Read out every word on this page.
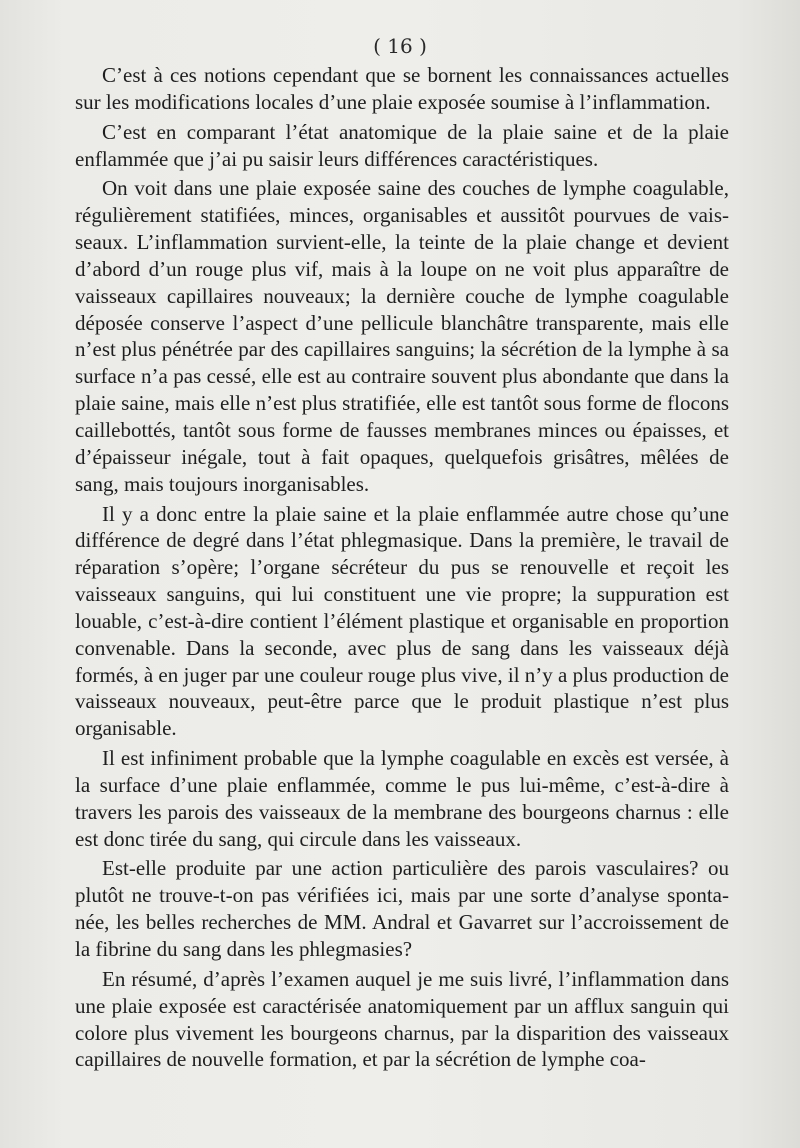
( 16 )

C’est à ces notions cependant que se bornent les connaissances actuelles sur les modifications locales d’une plaie exposée soumise à l’inflammation.

C’est en comparant l’état anatomique de la plaie saine et de la plaie enflammée que j’ai pu saisir leurs différences caractéristiques.

On voit dans une plaie exposée saine des couches de lymphe coagulable, régulièrement statifiées, minces, organisables et aussitôt pourvues de vaisseaux. L’inflammation survient-elle, la teinte de la plaie change et devient d’abord d’un rouge plus vif, mais à la loupe on ne voit plus apparaître de vaisseaux capillaires nouveaux; la dernière couche de lymphe coagulable déposée conserve l’aspect d’une pellicule blanchâtre transparente, mais elle n’est plus pénétrée par des capillaires sanguins; la sécrétion de la lymphe à sa surface n’a pas cessé, elle est au contraire souvent plus abondante que dans la plaie saine, mais elle n’est plus stratifiée, elle est tantôt sous forme de flocons caillebottés, tantôt sous forme de fausses membranes minces ou épaisses, et d’épaisseur inégale, tout à fait opaques, quelquefois grisâtres, mêlées de sang, mais toujours inorganisables.

Il y a donc entre la plaie saine et la plaie enflammée autre chose qu’une différence de degré dans l’état phlegmasique. Dans la première, le travail de réparation s’opère; l’organe sécréteur du pus se renouvelle et reçoit les vaisseaux sanguins, qui lui constituent une vie propre; la suppuration est louable, c’est-à-dire contient l’élément plastique et organisable en proportion convenable. Dans la seconde, avec plus de sang dans les vaisseaux déjà formés, à en juger par une couleur rouge plus vive, il n’y a plus production de vaisseaux nouveaux, peut-être parce que le produit plastique n’est plus organisable.

Il est infiniment probable que la lymphe coagulable en excès est versée, à la surface d’une plaie enflammée, comme le pus lui-même, c’est-à-dire à travers les parois des vaisseaux de la membrane des bourgeons charnus : elle est donc tirée du sang, qui circule dans les vaisseaux.

Est-elle produite par une action particulière des parois vasculaires? ou plutôt ne trouve-t-on pas vérifiées ici, mais par une sorte d’analyse spontanée, les belles recherches de MM. Andral et Gavarret sur l’accroissement de la fibrine du sang dans les phlegmasies?

En résumé, d’après l’examen auquel je me suis livré, l’inflammation dans une plaie exposée est caractérisée anatomiquement par un afflux sanguin qui colore plus vivement les bourgeons charnus, par la disparition des vaisseaux capillaires de nouvelle formation, et par la sécrétion de lymphe coa-
